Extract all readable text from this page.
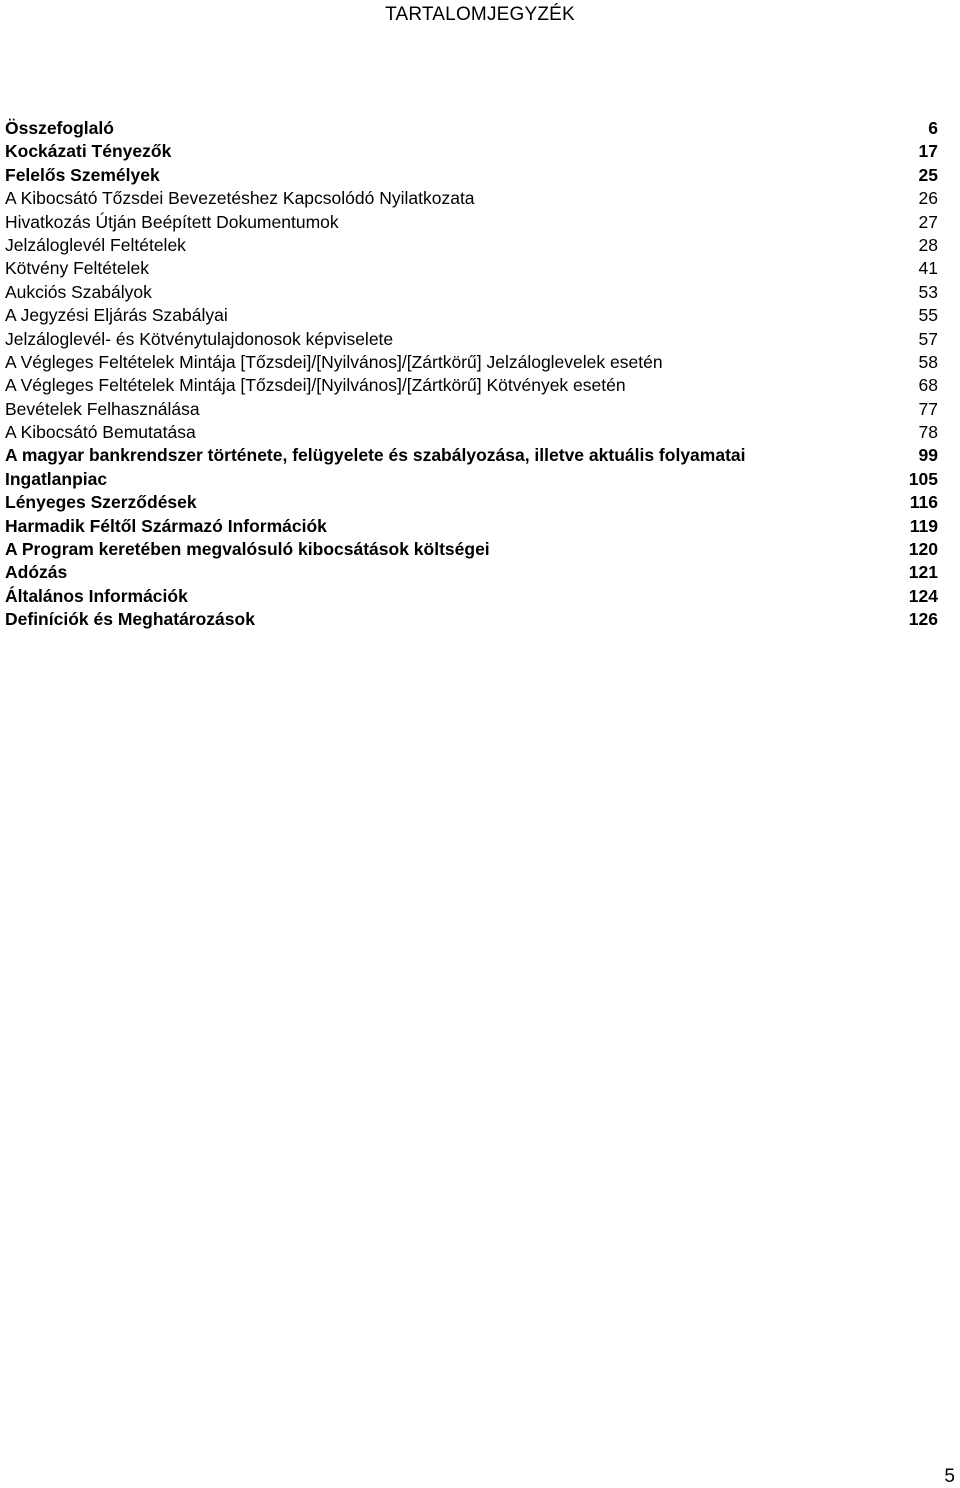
TARTALOMJEGYZÉK
Összefoglaló	6
Kockázati Tényezők	17
Felelős Személyek	25
A Kibocsátó Tőzsdei Bevezetéshez Kapcsolódó Nyilatkozata	26
Hivatkozás Útján Beépített Dokumentumok	27
Jelzáloglevél Feltételek	28
Kötvény Feltételek	41
Aukciós Szabályok	53
A Jegyzési Eljárás Szabályai	55
Jelzáloglevél- és Kötvénytulajdonosok képviselete	57
A Végleges Feltételek Mintája [Tőzsdei]/[Nyilvános]/[Zártkörű] Jelzáloglevelek esetén	58
A Végleges Feltételek Mintája [Tőzsdei]/[Nyilvános]/[Zártkörű] Kötvények esetén	68
Bevételek Felhasználása	77
A Kibocsátó Bemutatása	78
A magyar bankrendszer története, felügyelete és szabályozása, illetve aktuális folyamatai	99
Ingatlanpiac	105
Lényeges Szerződések	116
Harmadik Féltől Származó Információk	119
A Program keretében megvalósuló kibocsátások költségei	120
Adózás	121
Általános Információk	124
Definíciók és Meghatározások	126
5
